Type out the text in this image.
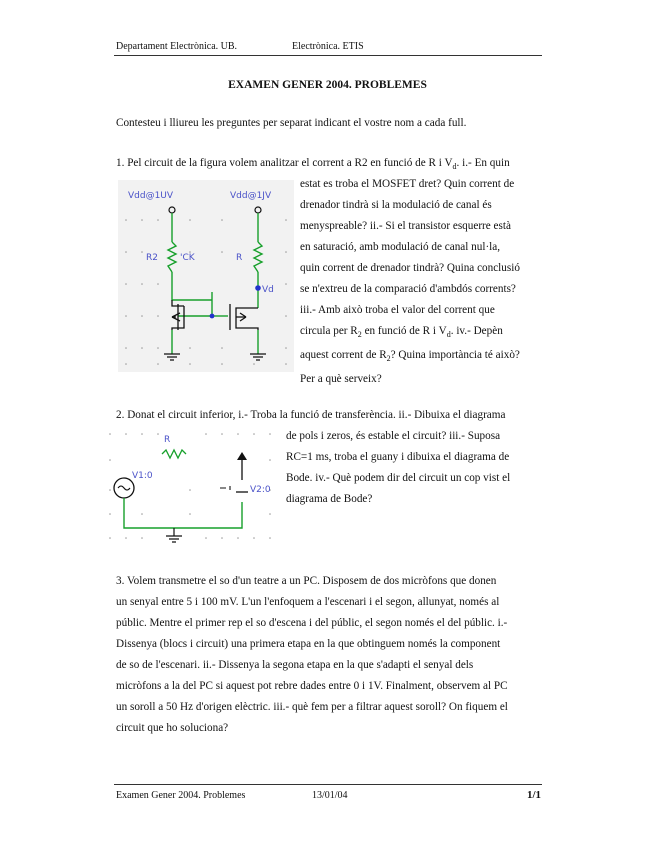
Departament Electrònica. UB.	Electrònica. ETIS
EXAMEN GENER 2004. PROBLEMES
Contesteu i lliureu les preguntes per separat indicant el vostre nom a cada full.
1. Pel circuit de la figura volem analitzar el corrent a R2 en funció de R i $V_d$. i.- En quin
estat es troba el MOSFET dret? Quin corrent de
drenador tindrà si la modulació de canal és
menyspreable? ii.- Si el transistor esquerre està
en saturació, amb modulació de canal nul·la,
quin corrent de drenador tindrà? Quina conclusió
se n'extreu de la comparació d'ambdós corrents?
iii.- Amb això troba el valor del corrent que
circula per $R_2$ en funció de R i $V_d$. iv.- Depèn
aquest corrent de $R_2$? Quina importància té això?
Per a què serveix?
Vdd@1UV	Vdd@1JV
R2 'CK	R
Vd
2. Donat el circuit inferior, i.- Troba la funció de transferència. ii.- Dibuixa el diagrama
de pols i zeros, és estable el circuit? iii.- Suposa
RC=1 ms, troba el guany i dibuixa el diagrama de
Bode. iv.- Què podem dir del circuit un cop vist el
diagrama de Bode?
R
V1:0
V2:0
3. Volem transmetre el so d'un teatre a un PC. Disposem de dos micròfons que donen
un senyal entre 5 i 100 mV. L'un l'enfoquem a l'escenari i el segon, allunyat, només al
públic. Mentre el primer rep el so d'escena i del públic, el segon només el del públic. i.-
Dissenya (blocs i circuit) una primera etapa en la que obtinguem només la component
de so de l'escenari. ii.- Dissenya la segona etapa en la que s'adapti el senyal dels
micròfons a la del PC si aquest pot rebre dades entre 0 i 1V. Finalment, observem al PC
un soroll a 50 Hz d'origen elèctric. iii.- què fem per a filtrar aquest soroll? On fiquem el
circuit que ho soluciona?
Examen Gener 2004. Problemes	13/01/04	1/1
